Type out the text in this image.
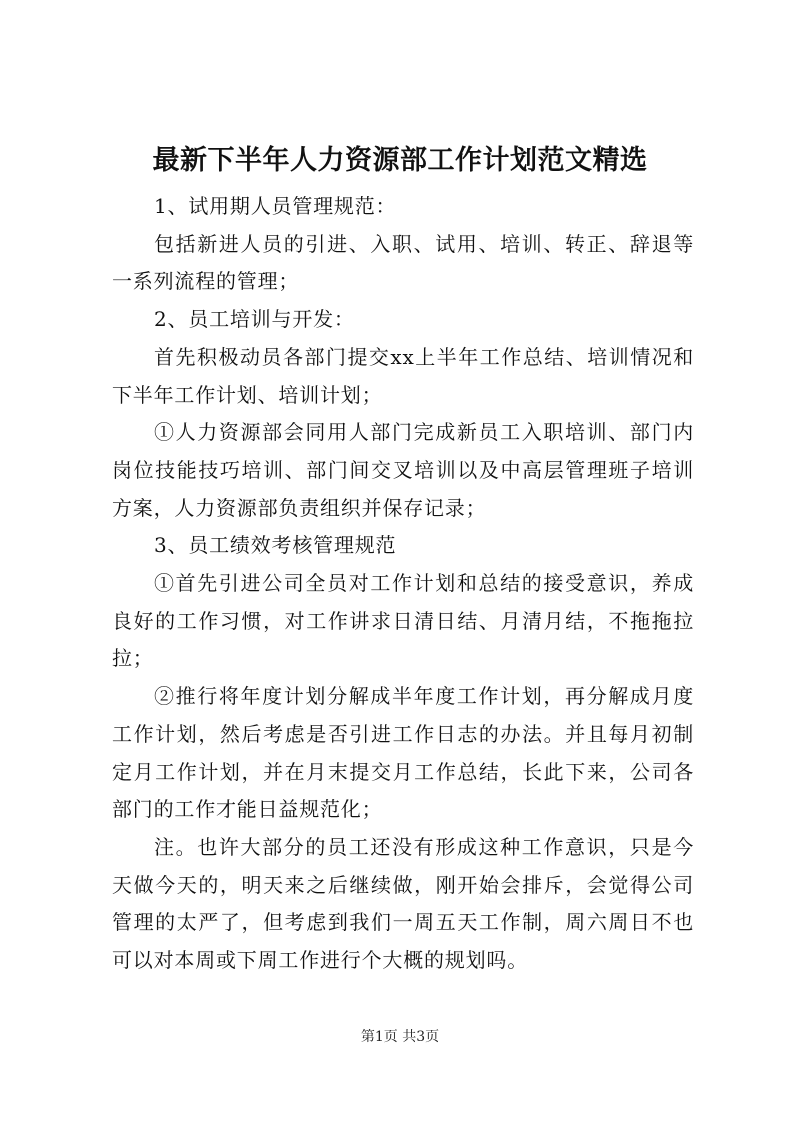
最新下半年人力资源部工作计划范文精选

1、试用期人员管理规范：

包括新进人员的引进、入职、试用、培训、转正、辞退等一系列流程的管理；

2、员工培训与开发：

首先积极动员各部门提交xx上半年工作总结、培训情况和下半年工作计划、培训计划；

①人力资源部会同用人部门完成新员工入职培训、部门内岗位技能技巧培训、部门间交叉培训以及中高层管理班子培训方案，人力资源部负责组织并保存记录；

3、员工绩效考核管理规范

①首先引进公司全员对工作计划和总结的接受意识，养成良好的工作习惯，对工作讲求日清日结、月清月结，不拖拖拉拉；

②推行将年度计划分解成半年度工作计划，再分解成月度工作计划，然后考虑是否引进工作日志的办法。并且每月初制定月工作计划，并在月末提交月工作总结，长此下来，公司各部门的工作才能日益规范化；

注。也许大部分的员工还没有形成这种工作意识，只是今天做今天的，明天来之后继续做，刚开始会排斥，会觉得公司管理的太严了，但考虑到我们一周五天工作制，周六周日不也可以对本周或下周工作进行个大概的规划吗。

第1页 共3页
